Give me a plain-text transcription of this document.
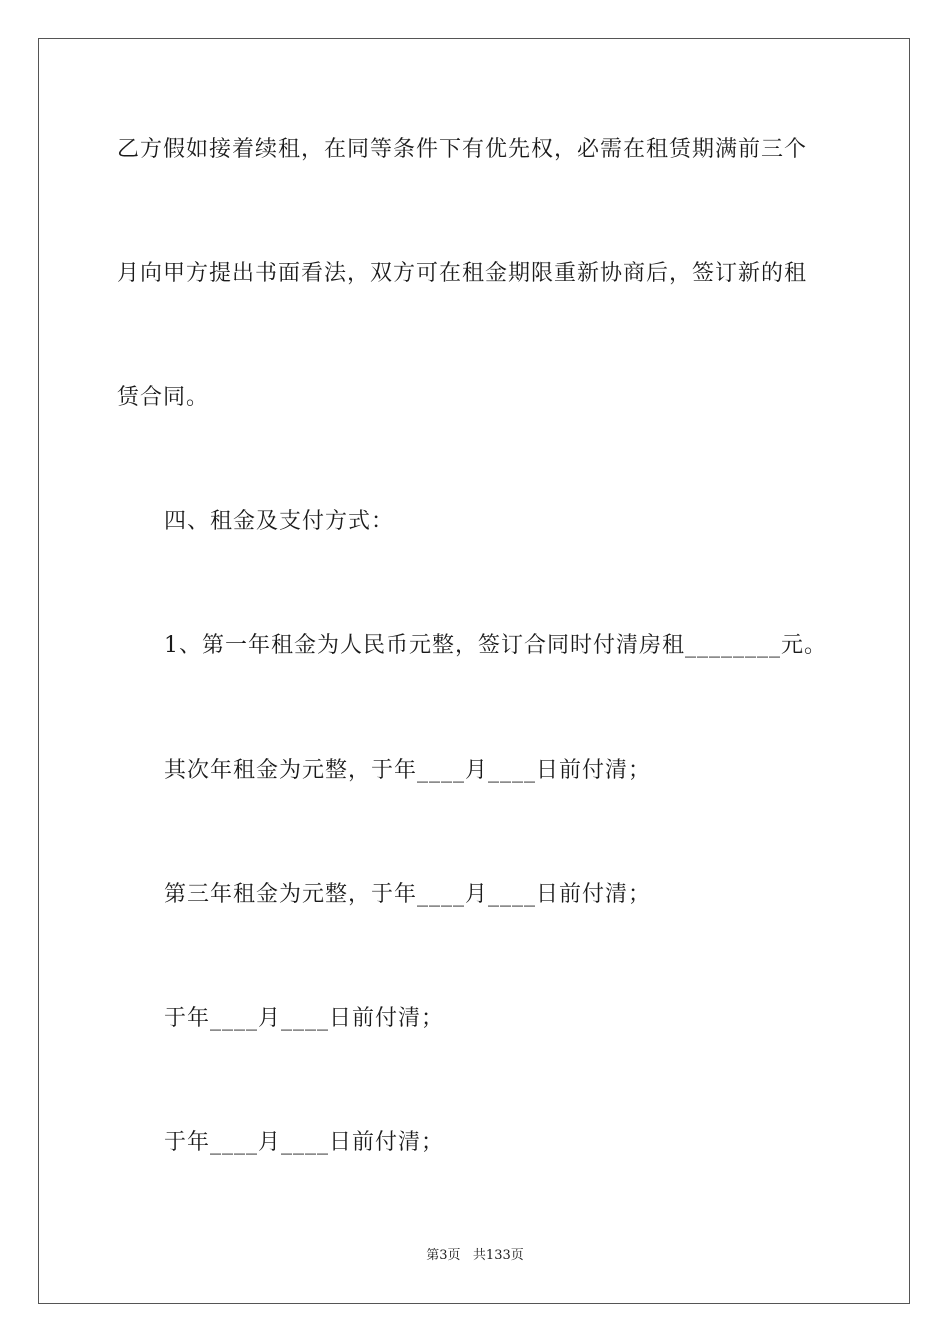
乙方假如接着续租，在同等条件下有优先权，必需在租赁期满前三个
月向甲方提出书面看法，双方可在租金期限重新协商后，签订新的租
赁合同。
四、租金及支付方式：
1、第一年租金为人民币元整，签订合同时付清房租________元。
其次年租金为元整，于年____月____日前付清；
第三年租金为元整，于年____月____日前付清；
于年____月____日前付清；
于年____月____日前付清；
第3页   共133页
